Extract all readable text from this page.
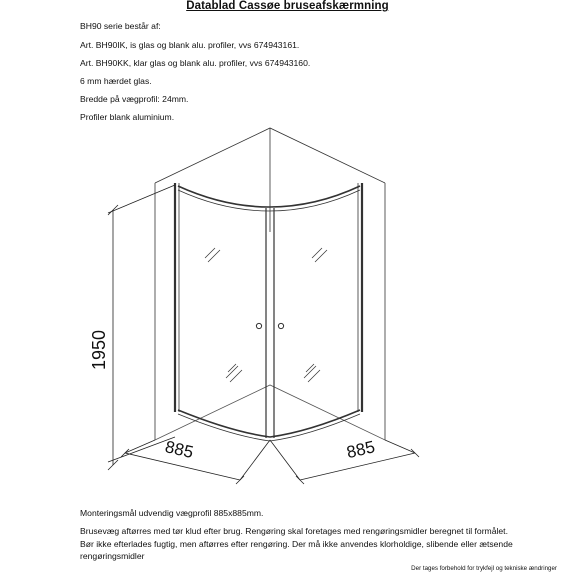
Datablad Cassøe bruseafskærmning
BH90 serie består af:
Art. BH90IK, is glas og blank alu. profiler, vvs 674943161.
Art. BH90KK, klar glas og blank alu. profiler, vvs 674943160.
6 mm hærdet glas.
Bredde på vægprofil: 24mm.
Profiler blank aluminium.
1950
885	885
Monteringsmål udvendig vægprofil 885x885mm.
Brusevæg aftørres med tør klud efter brug. Rengøring skal foretages med rengøringsmidler beregnet til formålet. Bør ikke efterlades fugtig, men aftørres efter rengøring. Der må ikke anvendes klorholdige, slibende eller ætsende rengøringsmidler
Der tages forbehold for trykfejl og tekniske ændringer
